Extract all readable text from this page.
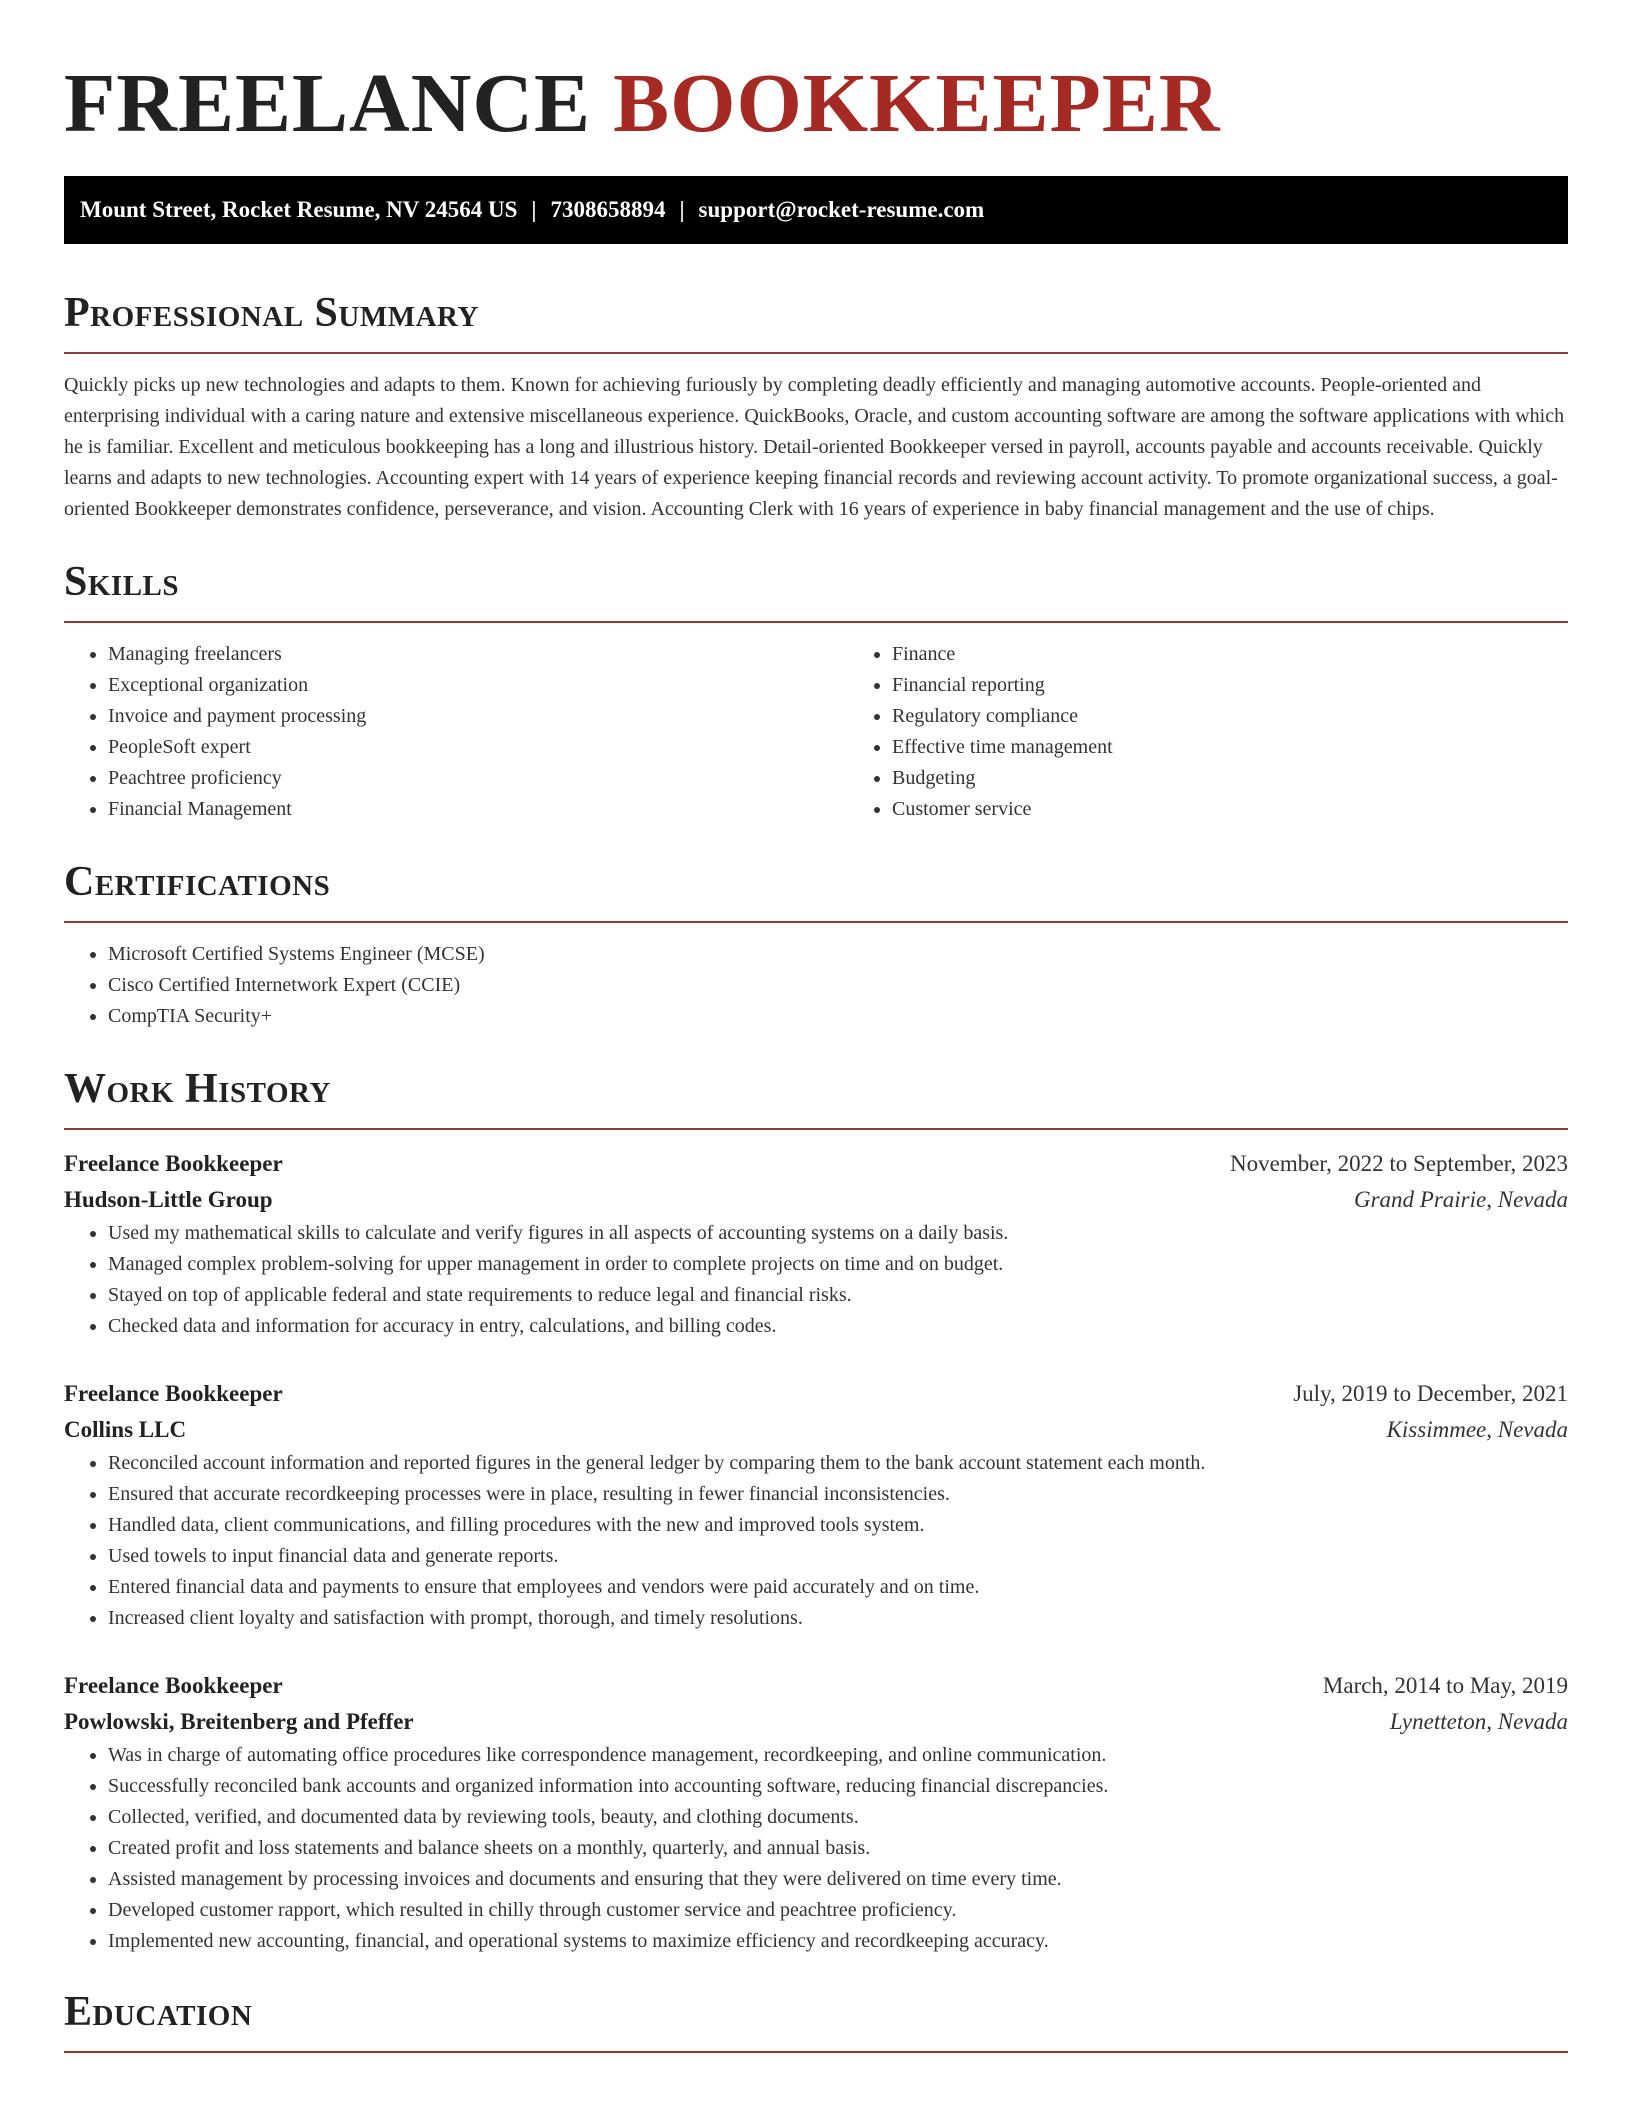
FREELANCE BOOKKEEPER
Mount Street, Rocket Resume, NV 24564 US | 7308658894 | support@rocket-resume.com
Professional Summary

Quickly picks up new technologies and adapts to them. Known for achieving furiously by completing deadly efficiently and managing automotive accounts. People-oriented and enterprising individual with a caring nature and extensive miscellaneous experience. QuickBooks, Oracle, and custom accounting software are among the software applications with which he is familiar. Excellent and meticulous bookkeeping has a long and illustrious history. Detail-oriented Bookkeeper versed in payroll, accounts payable and accounts receivable. Quickly learns and adapts to new technologies. Accounting expert with 14 years of experience keeping financial records and reviewing account activity. To promote organizational success, a goal-oriented Bookkeeper demonstrates confidence, perseverance, and vision. Accounting Clerk with 16 years of experience in baby financial management and the use of chips.

Skills
• Managing freelancers
• Exceptional organization
• Invoice and payment processing
• PeopleSoft expert
• Peachtree proficiency
• Financial Management
• Finance
• Financial reporting
• Regulatory compliance
• Effective time management
• Budgeting
• Customer service
Certifications
• Microsoft Certified Systems Engineer (MCSE)
• Cisco Certified Internetwork Expert (CCIE)
• CompTIA Security+
Work History
Freelance Bookkeeper	November, 2022 to September, 2023
Hudson-Little Group	Grand Prairie, Nevada
• Used my mathematical skills to calculate and verify figures in all aspects of accounting systems on a daily basis.
• Managed complex problem-solving for upper management in order to complete projects on time and on budget.
• Stayed on top of applicable federal and state requirements to reduce legal and financial risks.
• Checked data and information for accuracy in entry, calculations, and billing codes.
Freelance Bookkeeper	July, 2019 to December, 2021
Collins LLC	Kissimmee, Nevada
• Reconciled account information and reported figures in the general ledger by comparing them to the bank account statement each month.
• Ensured that accurate recordkeeping processes were in place, resulting in fewer financial inconsistencies.
• Handled data, client communications, and filling procedures with the new and improved tools system.
• Used towels to input financial data and generate reports.
• Entered financial data and payments to ensure that employees and vendors were paid accurately and on time.
• Increased client loyalty and satisfaction with prompt, thorough, and timely resolutions.
Freelance Bookkeeper	March, 2014 to May, 2019
Powlowski, Breitenberg and Pfeffer	Lynetteton, Nevada
• Was in charge of automating office procedures like correspondence management, recordkeeping, and online communication.
• Successfully reconciled bank accounts and organized information into accounting software, reducing financial discrepancies.
• Collected, verified, and documented data by reviewing tools, beauty, and clothing documents.
• Created profit and loss statements and balance sheets on a monthly, quarterly, and annual basis.
• Assisted management by processing invoices and documents and ensuring that they were delivered on time every time.
• Developed customer rapport, which resulted in chilly through customer service and peachtree proficiency.
• Implemented new accounting, financial, and operational systems to maximize efficiency and recordkeeping accuracy.
Education
